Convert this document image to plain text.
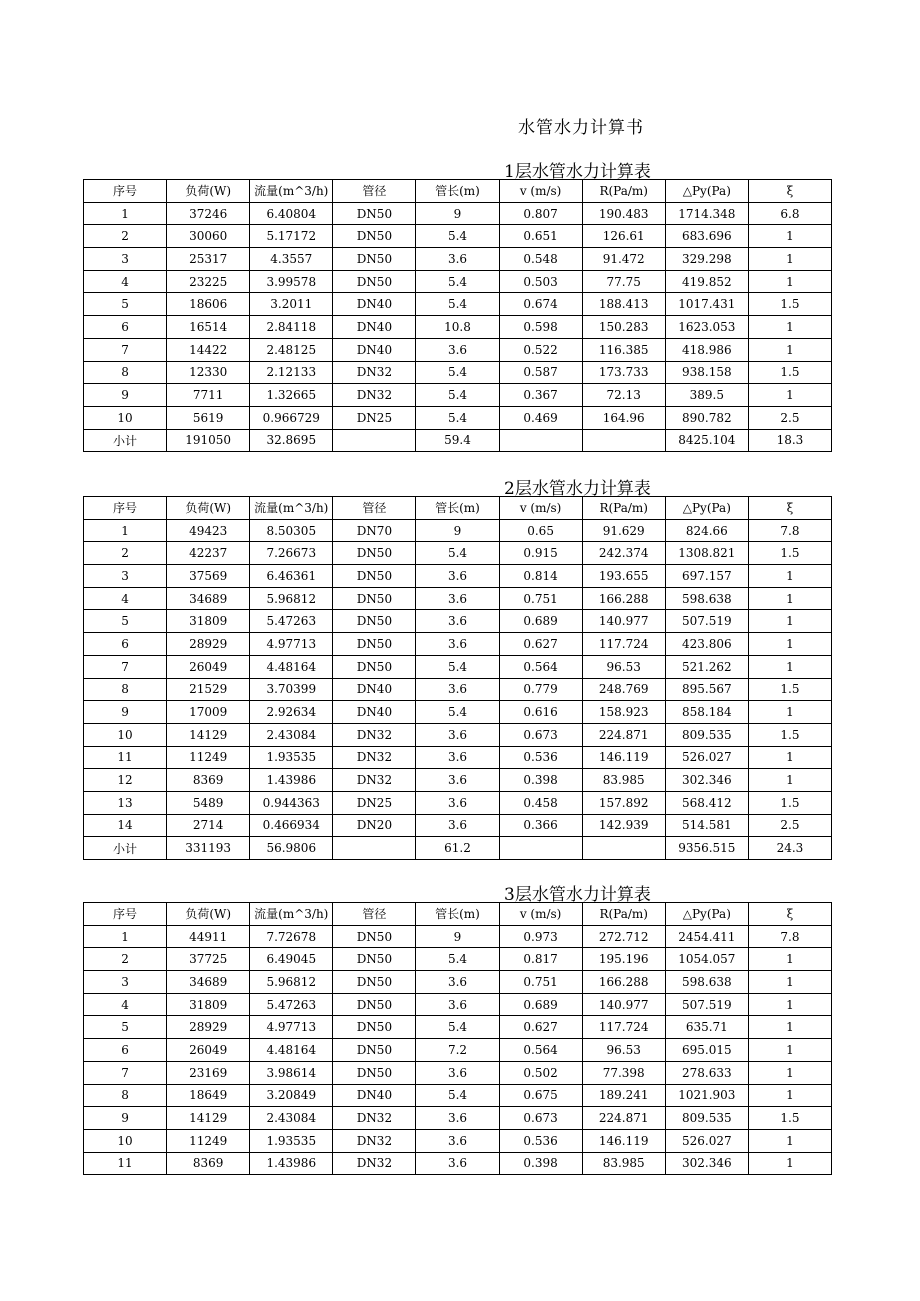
水管水力计算书
1层水管水力计算表
序号	负荷(W)	流量(m^3/h)	管径	管长(m)	v (m/s)	R(Pa/m)	△Py(Pa)	ξ
1	37246	6.40804	DN50	9	0.807	190.483	1714.348	6.8
2	30060	5.17172	DN50	5.4	0.651	126.61	683.696	1
3	25317	4.3557	DN50	3.6	0.548	91.472	329.298	1
4	23225	3.99578	DN50	5.4	0.503	77.75	419.852	1
5	18606	3.2011	DN40	5.4	0.674	188.413	1017.431	1.5
6	16514	2.84118	DN40	10.8	0.598	150.283	1623.053	1
7	14422	2.48125	DN40	3.6	0.522	116.385	418.986	1
8	12330	2.12133	DN32	5.4	0.587	173.733	938.158	1.5
9	7711	1.32665	DN32	5.4	0.367	72.13	389.5	1
10	5619	0.966729	DN25	5.4	0.469	164.96	890.782	2.5
小计	191050	32.8695		59.4			8425.104	18.3
2层水管水力计算表
序号	负荷(W)	流量(m^3/h)	管径	管长(m)	v (m/s)	R(Pa/m)	△Py(Pa)	ξ
1	49423	8.50305	DN70	9	0.65	91.629	824.66	7.8
2	42237	7.26673	DN50	5.4	0.915	242.374	1308.821	1.5
3	37569	6.46361	DN50	3.6	0.814	193.655	697.157	1
4	34689	5.96812	DN50	3.6	0.751	166.288	598.638	1
5	31809	5.47263	DN50	3.6	0.689	140.977	507.519	1
6	28929	4.97713	DN50	3.6	0.627	117.724	423.806	1
7	26049	4.48164	DN50	5.4	0.564	96.53	521.262	1
8	21529	3.70399	DN40	3.6	0.779	248.769	895.567	1.5
9	17009	2.92634	DN40	5.4	0.616	158.923	858.184	1
10	14129	2.43084	DN32	3.6	0.673	224.871	809.535	1.5
11	11249	1.93535	DN32	3.6	0.536	146.119	526.027	1
12	8369	1.43986	DN32	3.6	0.398	83.985	302.346	1
13	5489	0.944363	DN25	3.6	0.458	157.892	568.412	1.5
14	2714	0.466934	DN20	3.6	0.366	142.939	514.581	2.5
小计	331193	56.9806		61.2			9356.515	24.3
3层水管水力计算表
序号	负荷(W)	流量(m^3/h)	管径	管长(m)	v (m/s)	R(Pa/m)	△Py(Pa)	ξ
1	44911	7.72678	DN50	9	0.973	272.712	2454.411	7.8
2	37725	6.49045	DN50	5.4	0.817	195.196	1054.057	1
3	34689	5.96812	DN50	3.6	0.751	166.288	598.638	1
4	31809	5.47263	DN50	3.6	0.689	140.977	507.519	1
5	28929	4.97713	DN50	5.4	0.627	117.724	635.71	1
6	26049	4.48164	DN50	7.2	0.564	96.53	695.015	1
7	23169	3.98614	DN50	3.6	0.502	77.398	278.633	1
8	18649	3.20849	DN40	5.4	0.675	189.241	1021.903	1
9	14129	2.43084	DN32	3.6	0.673	224.871	809.535	1.5
10	11249	1.93535	DN32	3.6	0.536	146.119	526.027	1
11	8369	1.43986	DN32	3.6	0.398	83.985	302.346	1
